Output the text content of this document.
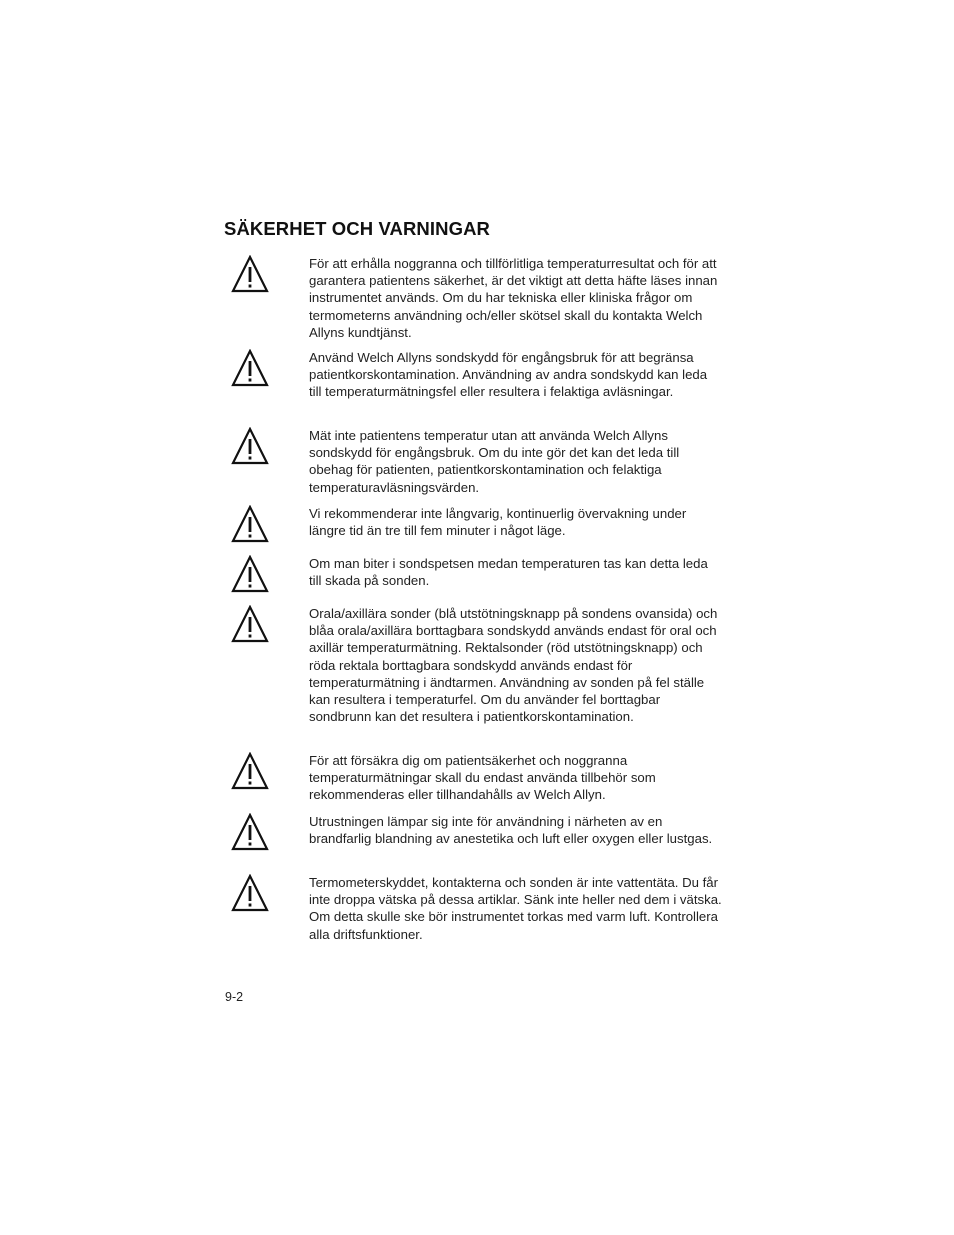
SÄKERHET OCH VARNINGAR

För att erhålla noggranna och tillförlitliga temperaturresultat och för att garantera patientens säkerhet, är det viktigt att detta häfte läses innan instrumentet används. Om du har tekniska eller kliniska frågor om termometerns användning och/eller skötsel skall du kontakta Welch Allyns kundtjänst.

Använd Welch Allyns sondskydd för engångsbruk för att begränsa patientkorskontamination. Användning av andra sondskydd kan leda till temperaturmätningsfel eller resultera i felaktiga avläsningar.

Mät inte patientens temperatur utan att använda Welch Allyns sondskydd för engångsbruk. Om du inte gör det kan det leda till obehag för patienten, patientkorskontamination och felaktiga temperaturavläsningsvärden.

Vi rekommenderar inte långvarig, kontinuerlig övervakning under längre tid än tre till fem minuter i något läge.

Om man biter i sondspetsen medan temperaturen tas kan detta leda till skada på sonden.

Orala/axillära sonder (blå utstötningsknapp på sondens ovansida) och blåa orala/axillära borttagbara sondskydd används endast för oral och axillär temperaturmätning. Rektalsonder (röd utstötningsknapp) och röda rektala borttagbara sondskydd används endast för temperaturmätning i ändtarmen. Användning av sonden på fel ställe kan resultera i temperaturfel. Om du använder fel borttagbar sondbrunn kan det resultera i patientkorskontamination.

För att försäkra dig om patientsäkerhet och noggranna temperaturmätningar skall du endast använda tillbehör som rekommenderas eller tillhandahålls av Welch Allyn.

Utrustningen lämpar sig inte för användning i närheten av en brandfarlig blandning av anestetika och luft eller oxygen eller lustgas.

Termometerskyddet, kontakterna och sonden är inte vattentäta. Du får inte droppa vätska på dessa artiklar. Sänk inte heller ned dem i vätska. Om detta skulle ske bör instrumentet torkas med varm luft. Kontrollera alla driftsfunktioner.

9-2
